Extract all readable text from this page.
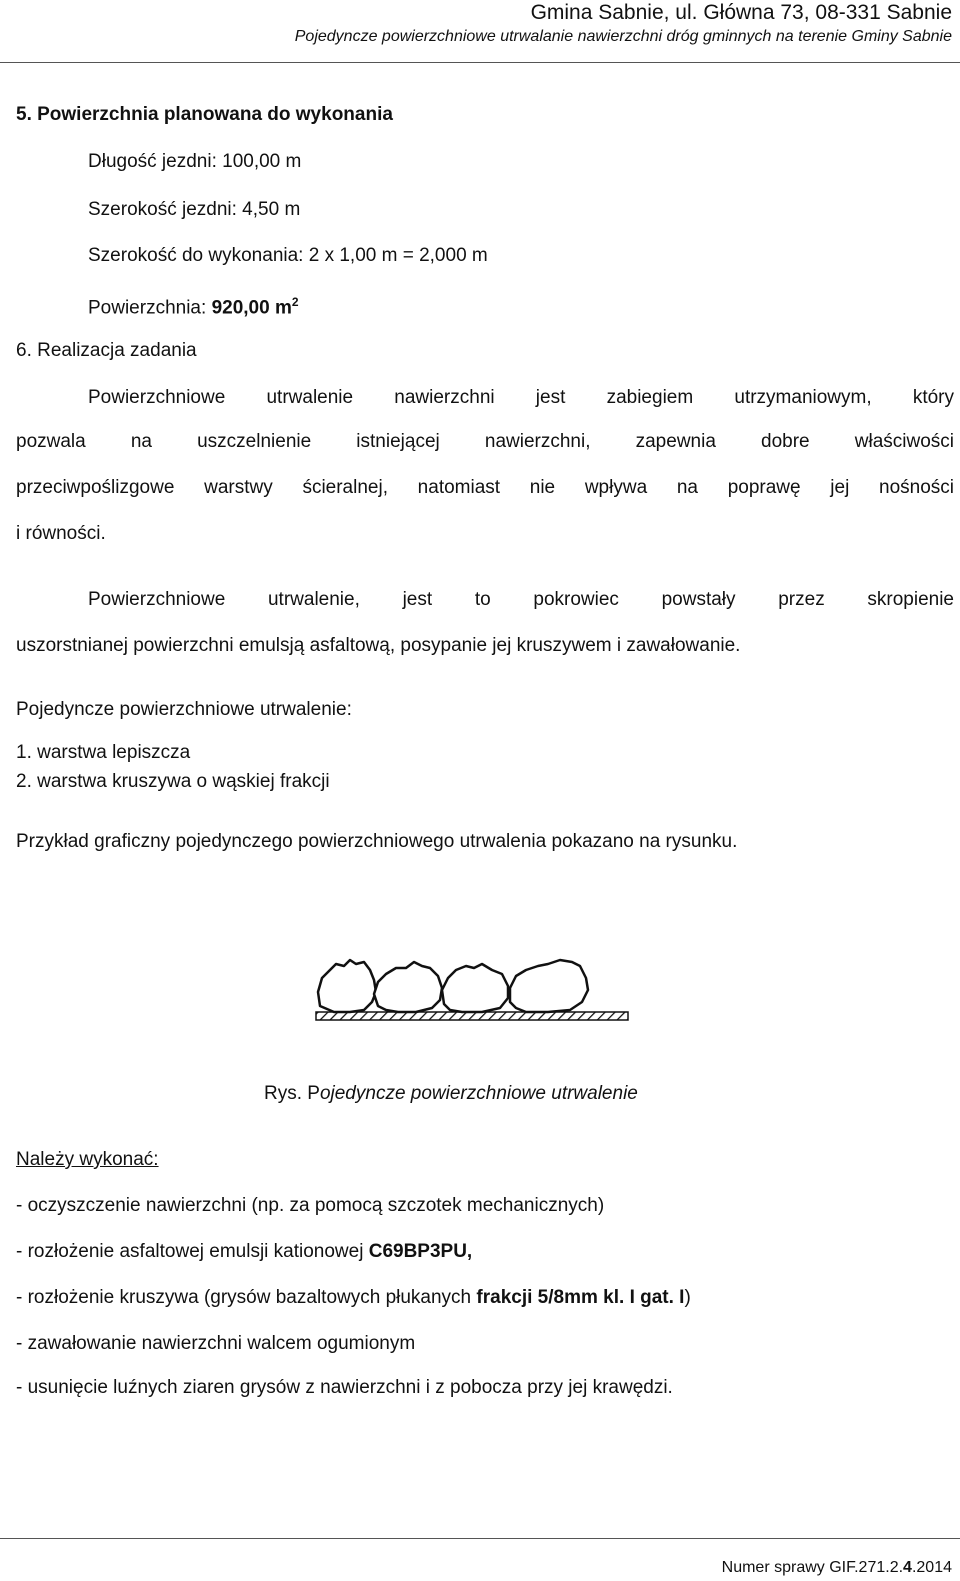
Gmina Sabnie, ul. Główna 73, 08-331 Sabnie
Pojedyncze powierzchniowe utrwalanie nawierzchni dróg gminnych na terenie Gminy Sabnie
5. Powierzchnia planowana do wykonania
Długość jezdni: 100,00 m
Szerokość jezdni: 4,50 m
Szerokość do wykonania: 2 x 1,00 m = 2,000 m
Powierzchnia: 920,00 $m^2$
6. Realizacja zadania
Powierzchniowe utrwalenie nawierzchni jest zabiegiem utrzymaniowym, który
pozwala na uszczelnienie istniejącej nawierzchni, zapewnia dobre właściwości
przeciwpoślizgowe warstwy ścieralnej, natomiast nie wpływa na poprawę jej nośności
i równości.
Powierzchniowe utrwalenie, jest to pokrowiec powstały przez skropienie
uszorstnianej powierzchni emulsją asfaltową, posypanie jej kruszywem i zawałowanie.
Pojedyncze powierzchniowe utrwalenie:
1. warstwa lepiszcza
2. warstwa kruszywa o wąskiej frakcji
Przykład graficzny pojedynczego powierzchniowego utrwalenia pokazano na rysunku.
Rys. Pojedyncze powierzchniowe utrwalenie
Należy wykonać:
- oczyszczenie nawierzchni (np. za pomocą szczotek mechanicznych)
- rozłożenie asfaltowej emulsji kationowej C69BP3PU,
- rozłożenie kruszywa (grysów bazaltowych płukanych frakcji 5/8mm kl. I gat. I)
- zawałowanie nawierzchni walcem ogumionym
- usunięcie luźnych ziaren grysów z nawierzchni i z pobocza przy jej krawędzi.
Numer sprawy GIF.271.2.4.2014
